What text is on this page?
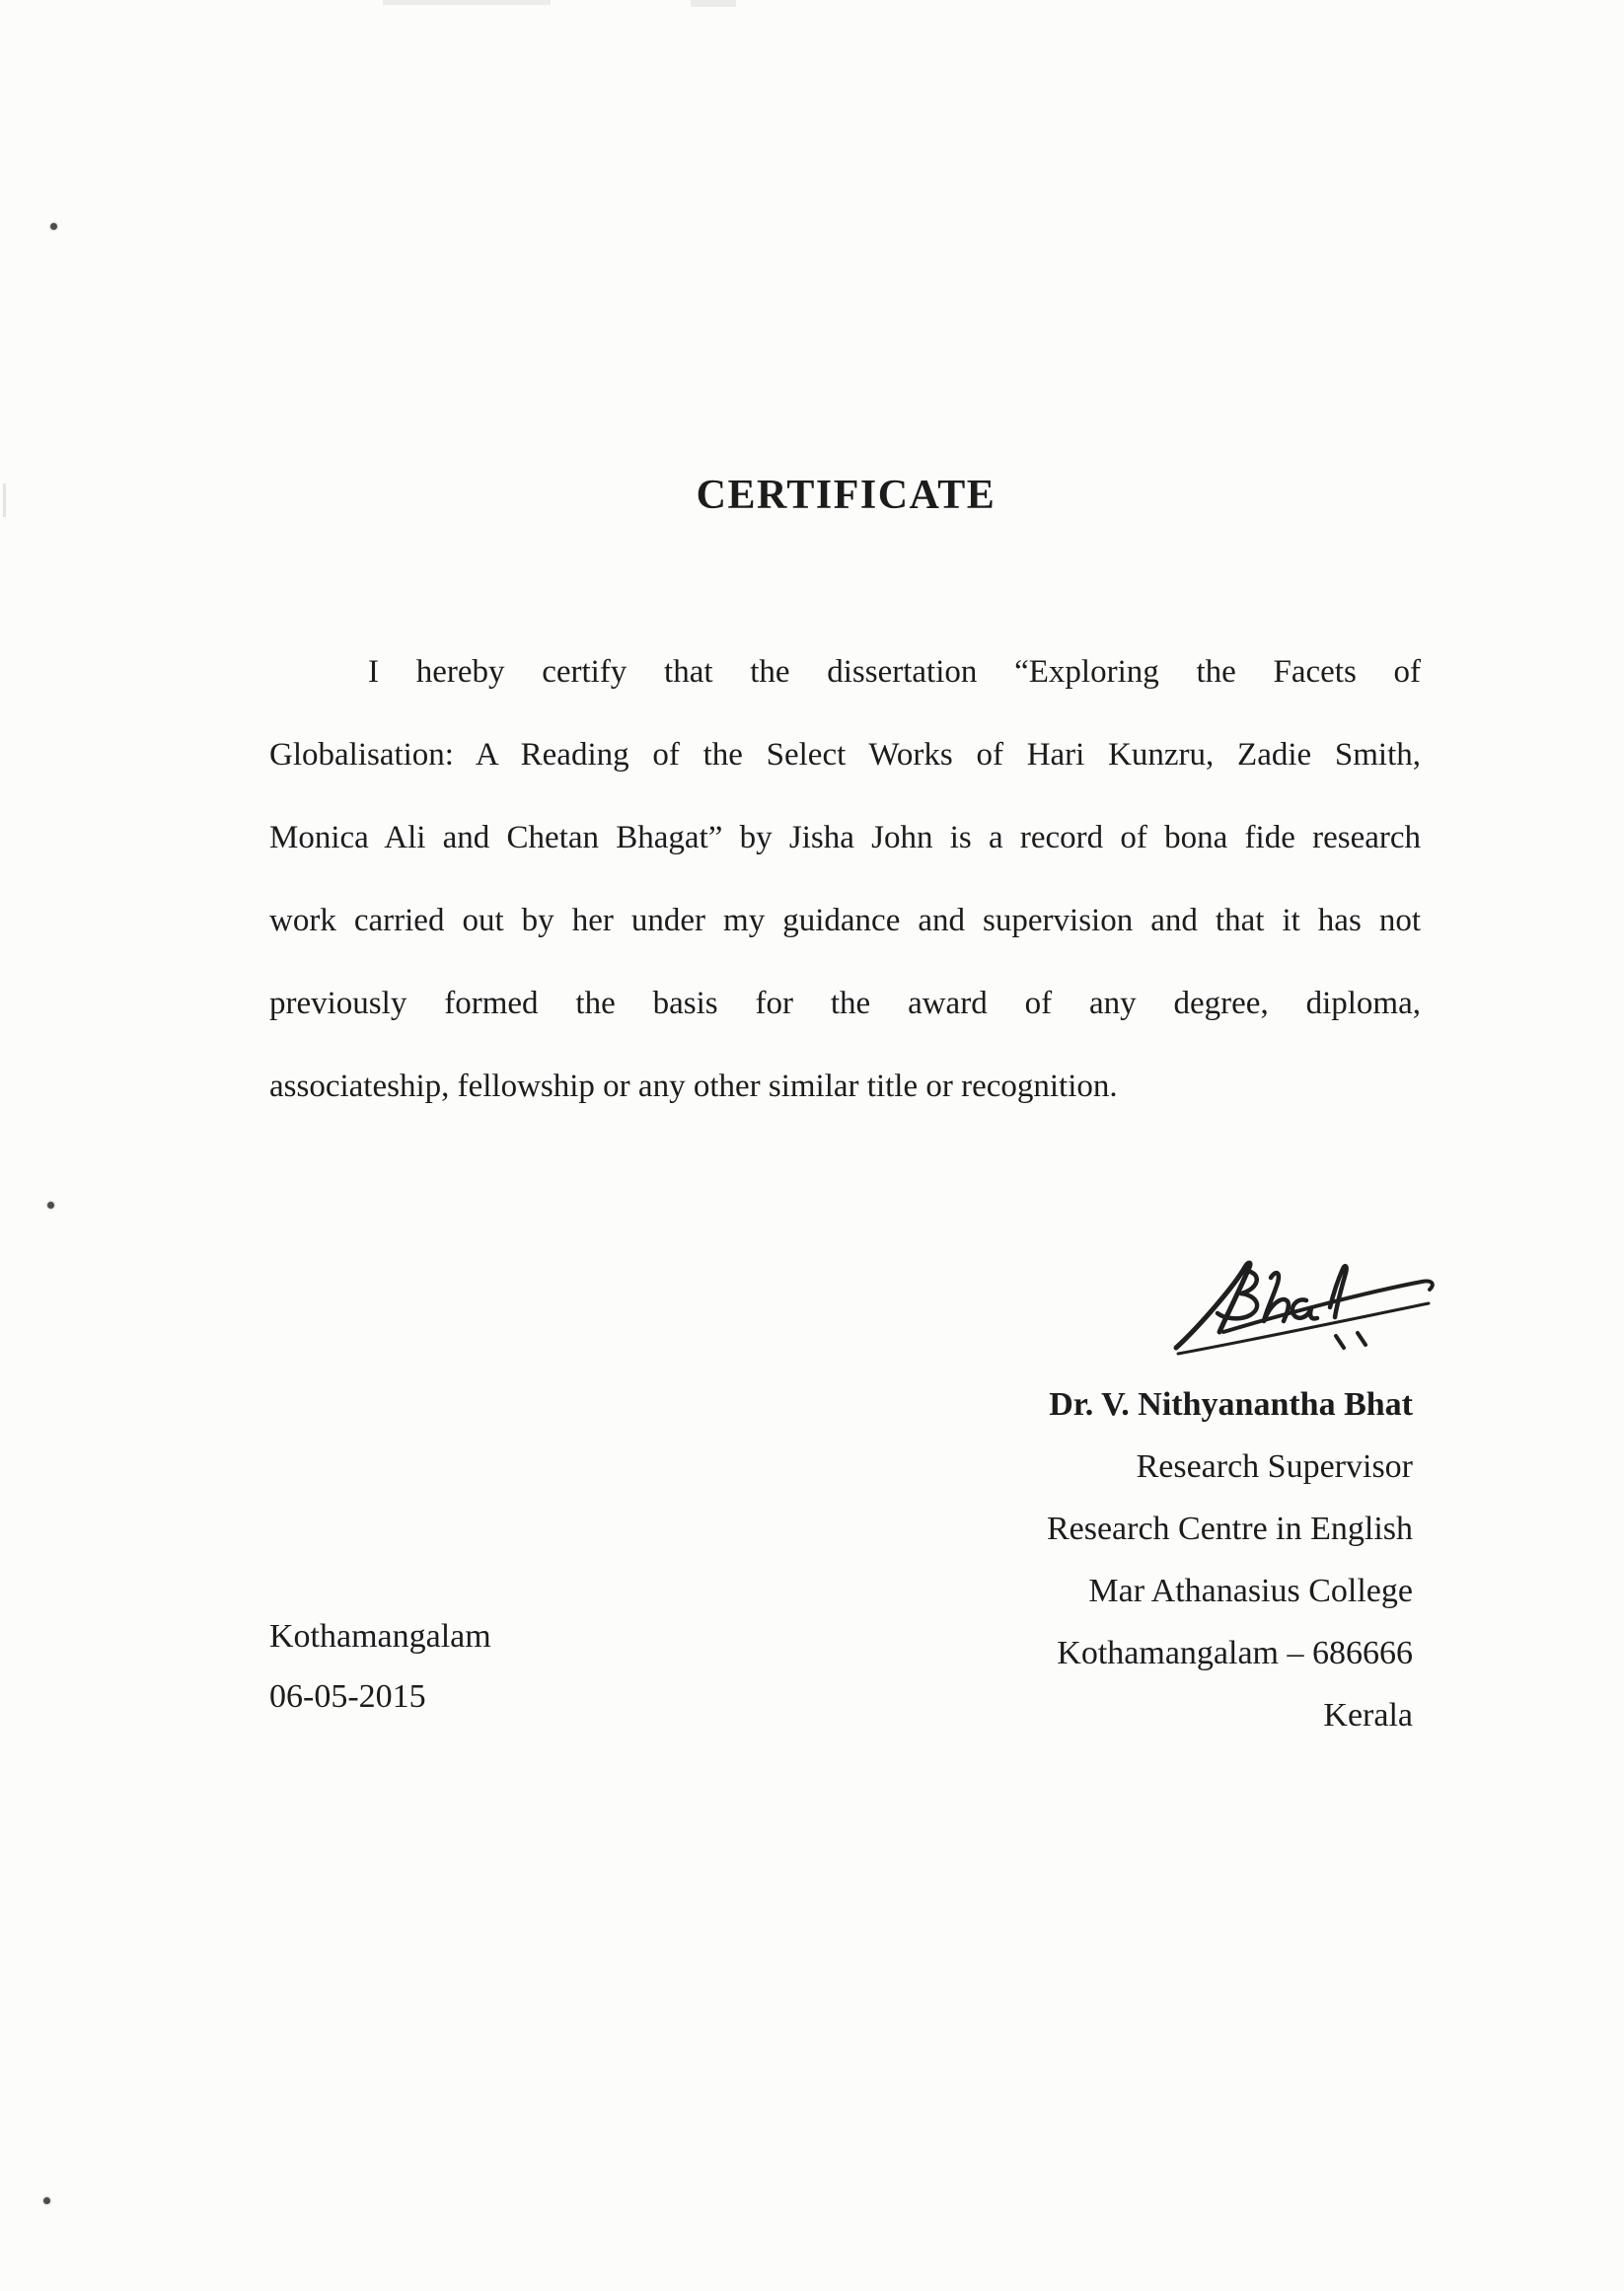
CERTIFICATE
I hereby certify that the dissertation “Exploring the Facets of
Globalisation: A Reading of the Select Works of Hari Kunzru, Zadie Smith,
Monica Ali and Chetan Bhagat” by Jisha John is a record of bona fide research
work carried out by her under my guidance and supervision and that it has not
previously formed the basis for the award of any degree, diploma,
associateship, fellowship or any other similar title or recognition.
Dr. V. Nithyanantha Bhat
Research Supervisor
Research Centre in English
Mar Athanasius College
Kothamangalam – 686666
Kerala
Kothamangalam
06-05-2015
